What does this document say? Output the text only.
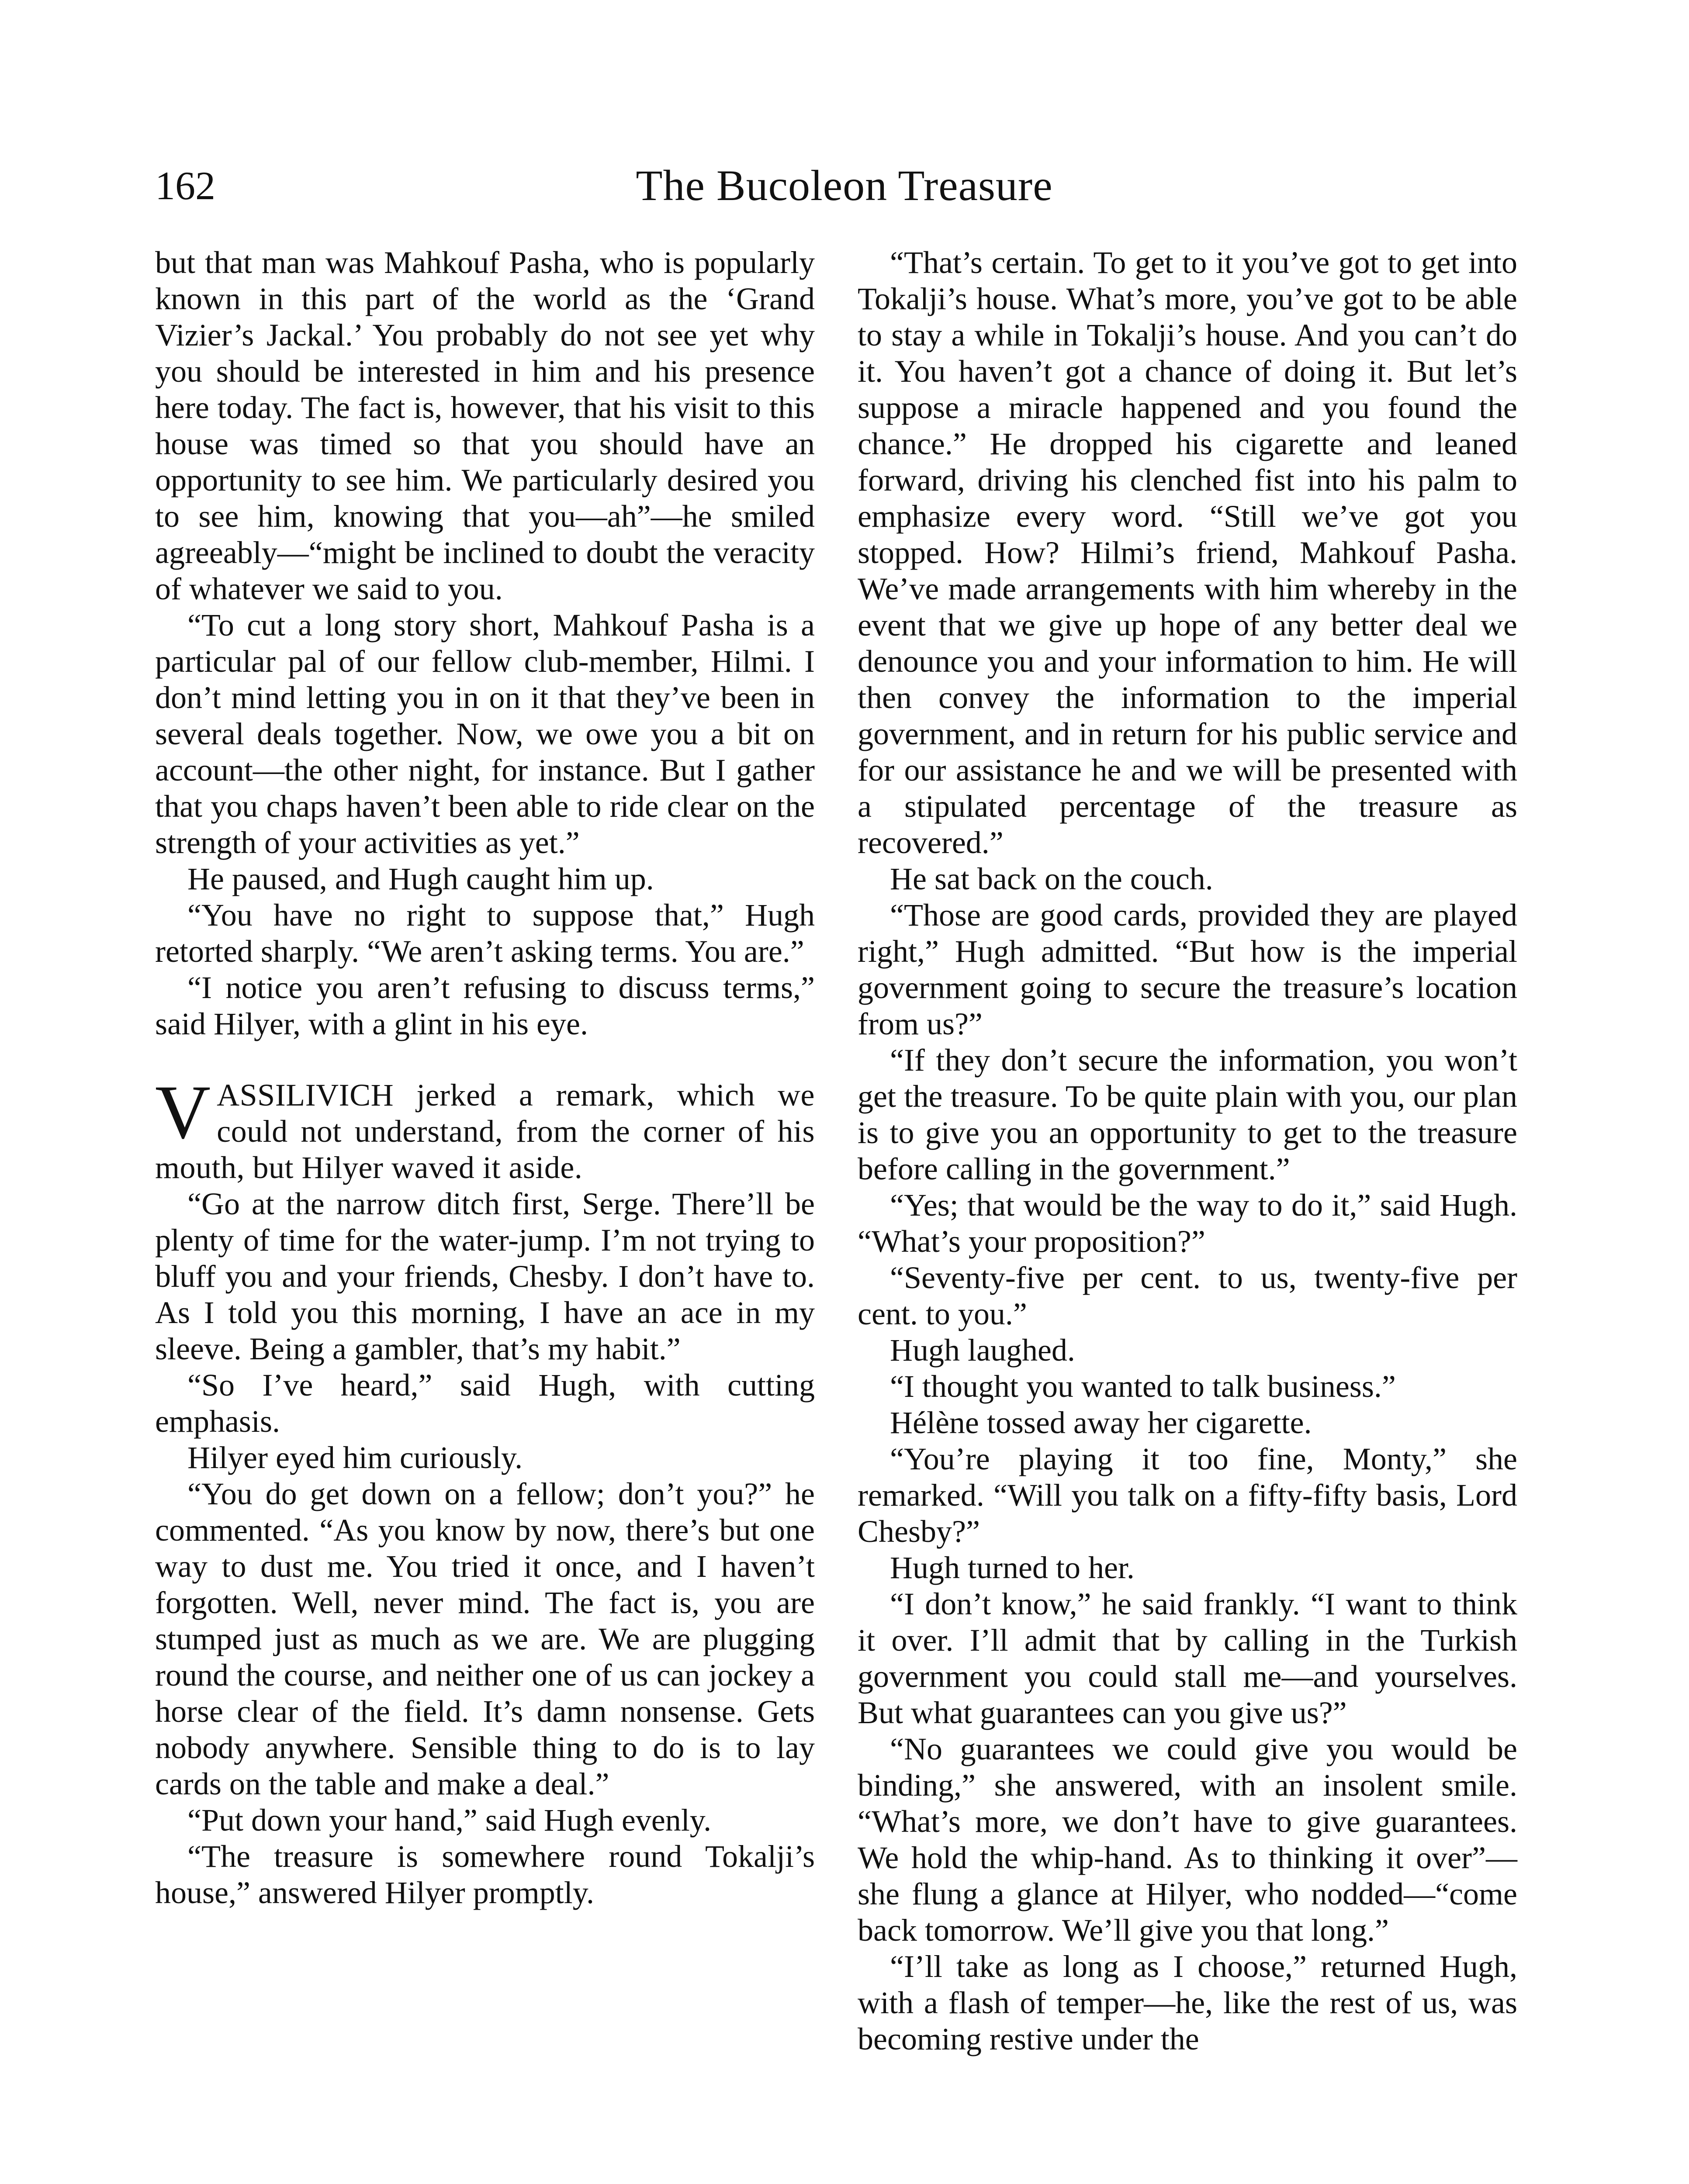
162	The Bucoleon Treasure

but that man was Mahkouf Pasha, who is popularly known in this part of the world as the ‘Grand Vizier’s Jackal.’ You probably do not see yet why you should be interested in him and his presence here today. The fact is, however, that his visit to this house was timed so that you should have an opportunity to see him. We particularly desired you to see him, knowing that you—ah”—he smiled agreeably—“might be inclined to doubt the veracity of whatever we said to you.

“To cut a long story short, Mahkouf Pasha is a particular pal of our fellow club-member, Hilmi. I don’t mind letting you in on it that they’ve been in several deals together. Now, we owe you a bit on account—the other night, for instance. But I gather that you chaps haven’t been able to ride clear on the strength of your activities as yet.”

He paused, and Hugh caught him up.

“You have no right to suppose that,” Hugh retorted sharply. “We aren’t asking terms. You are.”

“I notice you aren’t refusing to discuss terms,” said Hilyer, with a glint in his eye.

VASSILIVICH jerked a remark, which we could not understand, from the corner of his mouth, but Hilyer waved it aside.

“Go at the narrow ditch first, Serge. There’ll be plenty of time for the water-jump. I’m not trying to bluff you and your friends, Chesby. I don’t have to. As I told you this morning, I have an ace in my sleeve. Being a gambler, that’s my habit.”

“So I’ve heard,” said Hugh, with cutting emphasis.

Hilyer eyed him curiously.

“You do get down on a fellow; don’t you?” he commented. “As you know by now, there’s but one way to dust me. You tried it once, and I haven’t forgotten. Well, never mind. The fact is, you are stumped just as much as we are. We are plugging round the course, and neither one of us can jockey a horse clear of the field. It’s damn nonsense. Gets nobody anywhere. Sensible thing to do is to lay cards on the table and make a deal.”

“Put down your hand,” said Hugh evenly.

“The treasure is somewhere round Tokalji’s house,” answered Hilyer promptly.

“That’s certain. To get to it you’ve got to get into Tokalji’s house. What’s more, you’ve got to be able to stay a while in Tokalji’s house. And you can’t do it. You haven’t got a chance of doing it. But let’s suppose a miracle happened and you found the chance.” He dropped his cigarette and leaned forward, driving his clenched fist into his palm to emphasize every word. “Still we’ve got you stopped. How? Hilmi’s friend, Mahkouf Pasha. We’ve made arrangements with him whereby in the event that we give up hope of any better deal we denounce you and your information to him. He will then convey the information to the imperial government, and in return for his public service and for our assistance he and we will be presented with a stipulated percentage of the treasure as recovered.”

He sat back on the couch.

“Those are good cards, provided they are played right,” Hugh admitted. “But how is the imperial government going to secure the treasure’s location from us?”

“If they don’t secure the information, you won’t get the treasure. To be quite plain with you, our plan is to give you an opportunity to get to the treasure before calling in the government.”

“Yes; that would be the way to do it,” said Hugh. “What’s your proposition?”

“Seventy-five per cent. to us, twenty-five per cent. to you.”

Hugh laughed.

“I thought you wanted to talk business.”

Hélène tossed away her cigarette.

“You’re playing it too fine, Monty,” she remarked. “Will you talk on a fifty-fifty basis, Lord Chesby?”

Hugh turned to her.

“I don’t know,” he said frankly. “I want to think it over. I’ll admit that by calling in the Turkish government you could stall me—and yourselves. But what guarantees can you give us?”

“No guarantees we could give you would be binding,” she answered, with an insolent smile. “What’s more, we don’t have to give guarantees. We hold the whip-hand. As to thinking it over”—she flung a glance at Hilyer, who nodded—“come back tomorrow. We’ll give you that long.”

“I’ll take as long as I choose,” returned Hugh, with a flash of temper—he, like the rest of us, was becoming restive under the
